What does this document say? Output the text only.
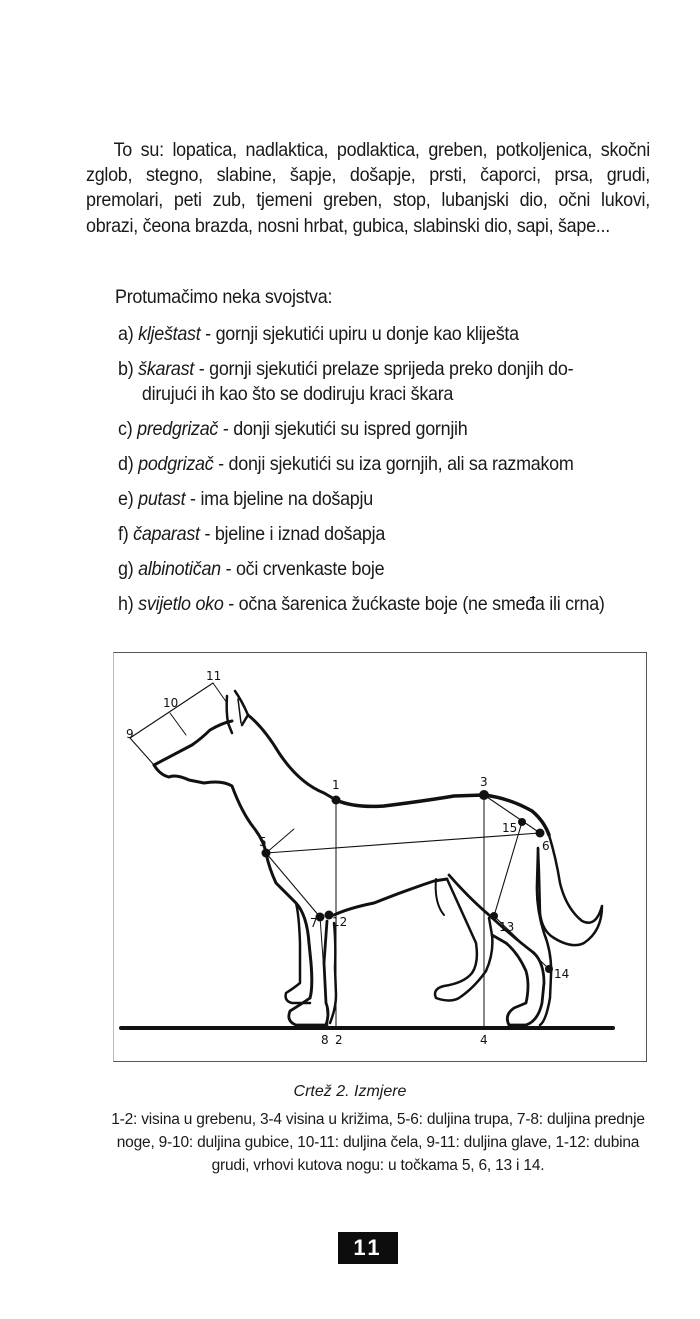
To su: lopatica, nadlaktica, podlaktica, greben, potkoljenica, skočni zglob, stegno, slabine, šapje, došapje, prsti, čaporci, prsa, grudi, premolari, peti zub, tjemeni greben, stop, lubanjski dio, očni lukovi, obrazi, čeona brazda, nosni hrbat, gubica, slabinski dio, sapi, šape...
Protumačimo neka svojstva:
a) klještast - gornji sjekutići upiru u donje kao kliješta
b) škarast - gornji sjekutići prelaze sprijeda preko donjih do-
dirujući ih kao što se dodiruju kraci škara
c) predgrizač - donji sjekutići su ispred gornjih
d) podgrizač - donji sjekutići su iza gornjih, ali sa razmakom
e) putast - ima bjeline na došapju
f) čaparast - bjeline i iznad došapja
g) albinotičan - oči crvenkaste boje
h) svijetlo oko - očna šarenica žućkaste boje (ne smeđa ili crna)
1
2
3
4
5	6
7
8
9
10
11
12	13
14
15
Crtež 2. Izmjere
1-2: visina u grebenu, 3-4 visina u križima, 5-6: duljina trupa, 7-8: duljina prednje noge, 9-10: duljina gubice, 10-11: duljina čela, 9-11: duljina glave, 1-12: dubina grudi, vrhovi kutova nogu: u točkama 5, 6, 13 i 14.
11
